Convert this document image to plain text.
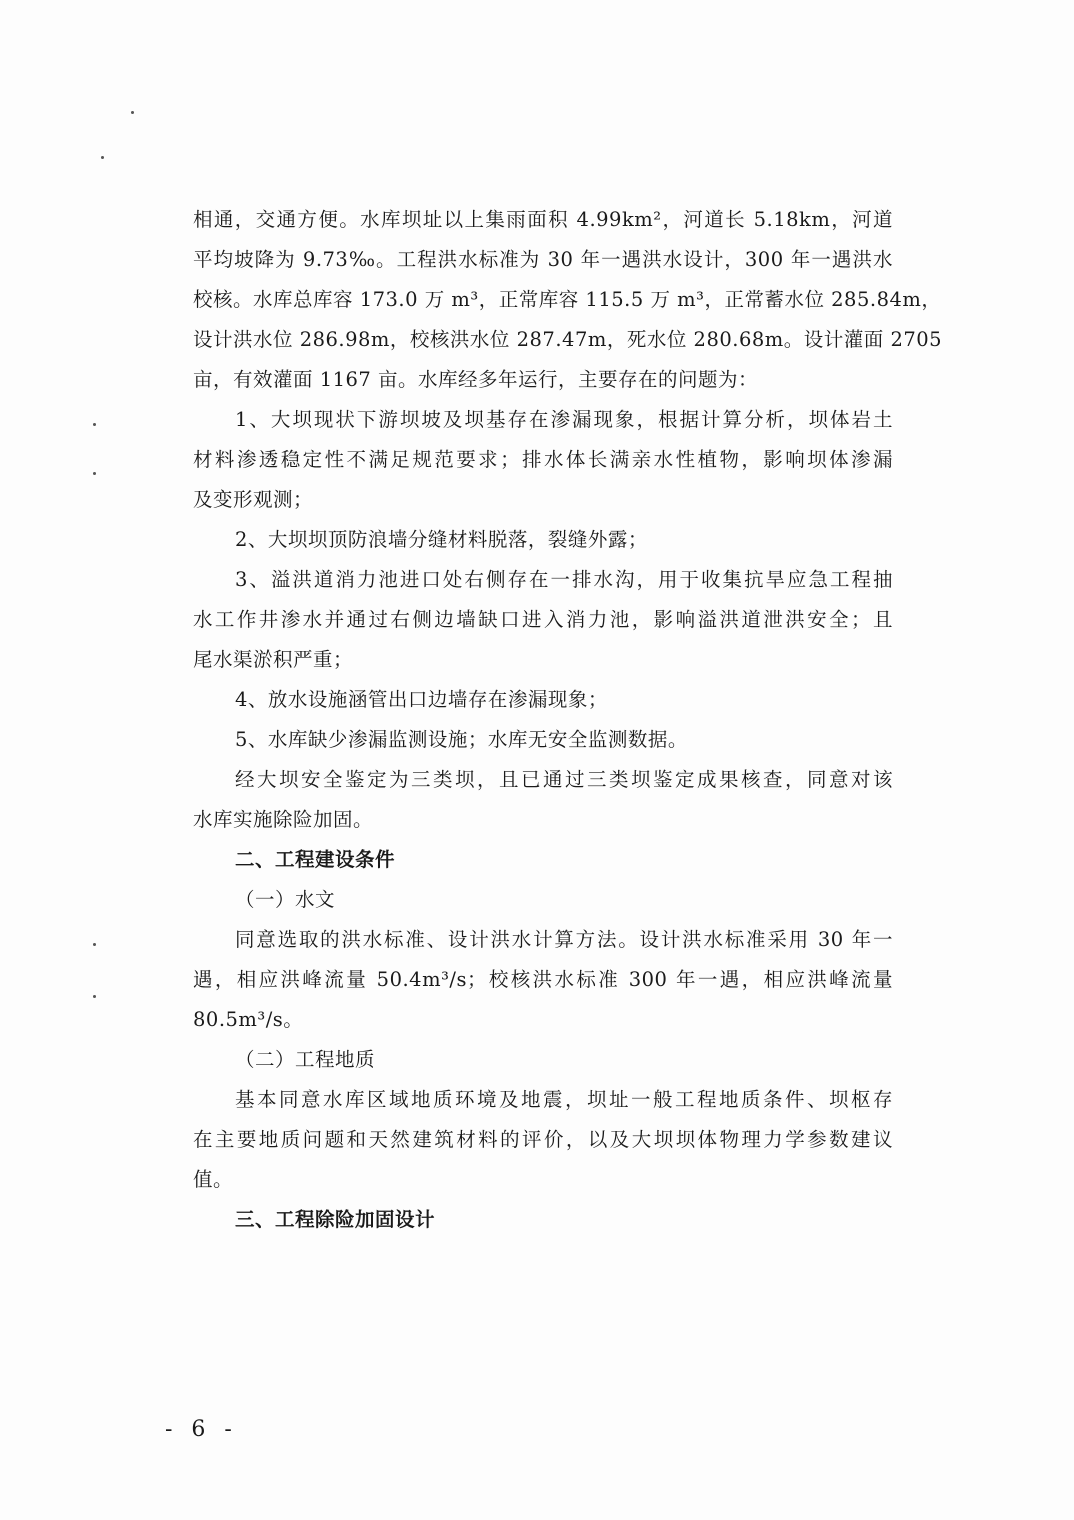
相通，交通方便。水库坝址以上集雨面积 4.99km²，河道长 5.18km，河道
平均坡降为 9.73‰。工程洪水标准为 30 年一遇洪水设计，300 年一遇洪水
校核。水库总库容 173.0 万 m³，正常库容 115.5 万 m³，正常蓄水位 285.84m，
设计洪水位 286.98m，校核洪水位 287.47m，死水位 280.68m。设计灌面 2705
亩，有效灌面 1167 亩。水库经多年运行，主要存在的问题为：
1、大坝现状下游坝坡及坝基存在渗漏现象，根据计算分析，坝体岩土
材料渗透稳定性不满足规范要求；排水体长满亲水性植物，影响坝体渗漏
及变形观测；
2、大坝坝顶防浪墙分缝材料脱落，裂缝外露；
3、溢洪道消力池进口处右侧存在一排水沟，用于收集抗旱应急工程抽
水工作井渗水并通过右侧边墙缺口进入消力池，影响溢洪道泄洪安全；且
尾水渠淤积严重；
4、放水设施涵管出口边墙存在渗漏现象；
5、水库缺少渗漏监测设施；水库无安全监测数据。
经大坝安全鉴定为三类坝，且已通过三类坝鉴定成果核查，同意对该
水库实施除险加固。
二、工程建设条件
（一）水文
同意选取的洪水标准、设计洪水计算方法。设计洪水标准采用 30 年一
遇，相应洪峰流量 50.4m³/s；校核洪水标准 300 年一遇，相应洪峰流量
80.5m³/s。
（二）工程地质
基本同意水库区域地质环境及地震，坝址一般工程地质条件、坝枢存
在主要地质问题和天然建筑材料的评价，以及大坝坝体物理力学参数建议
值。
三、工程除险加固设计
- 6 -
